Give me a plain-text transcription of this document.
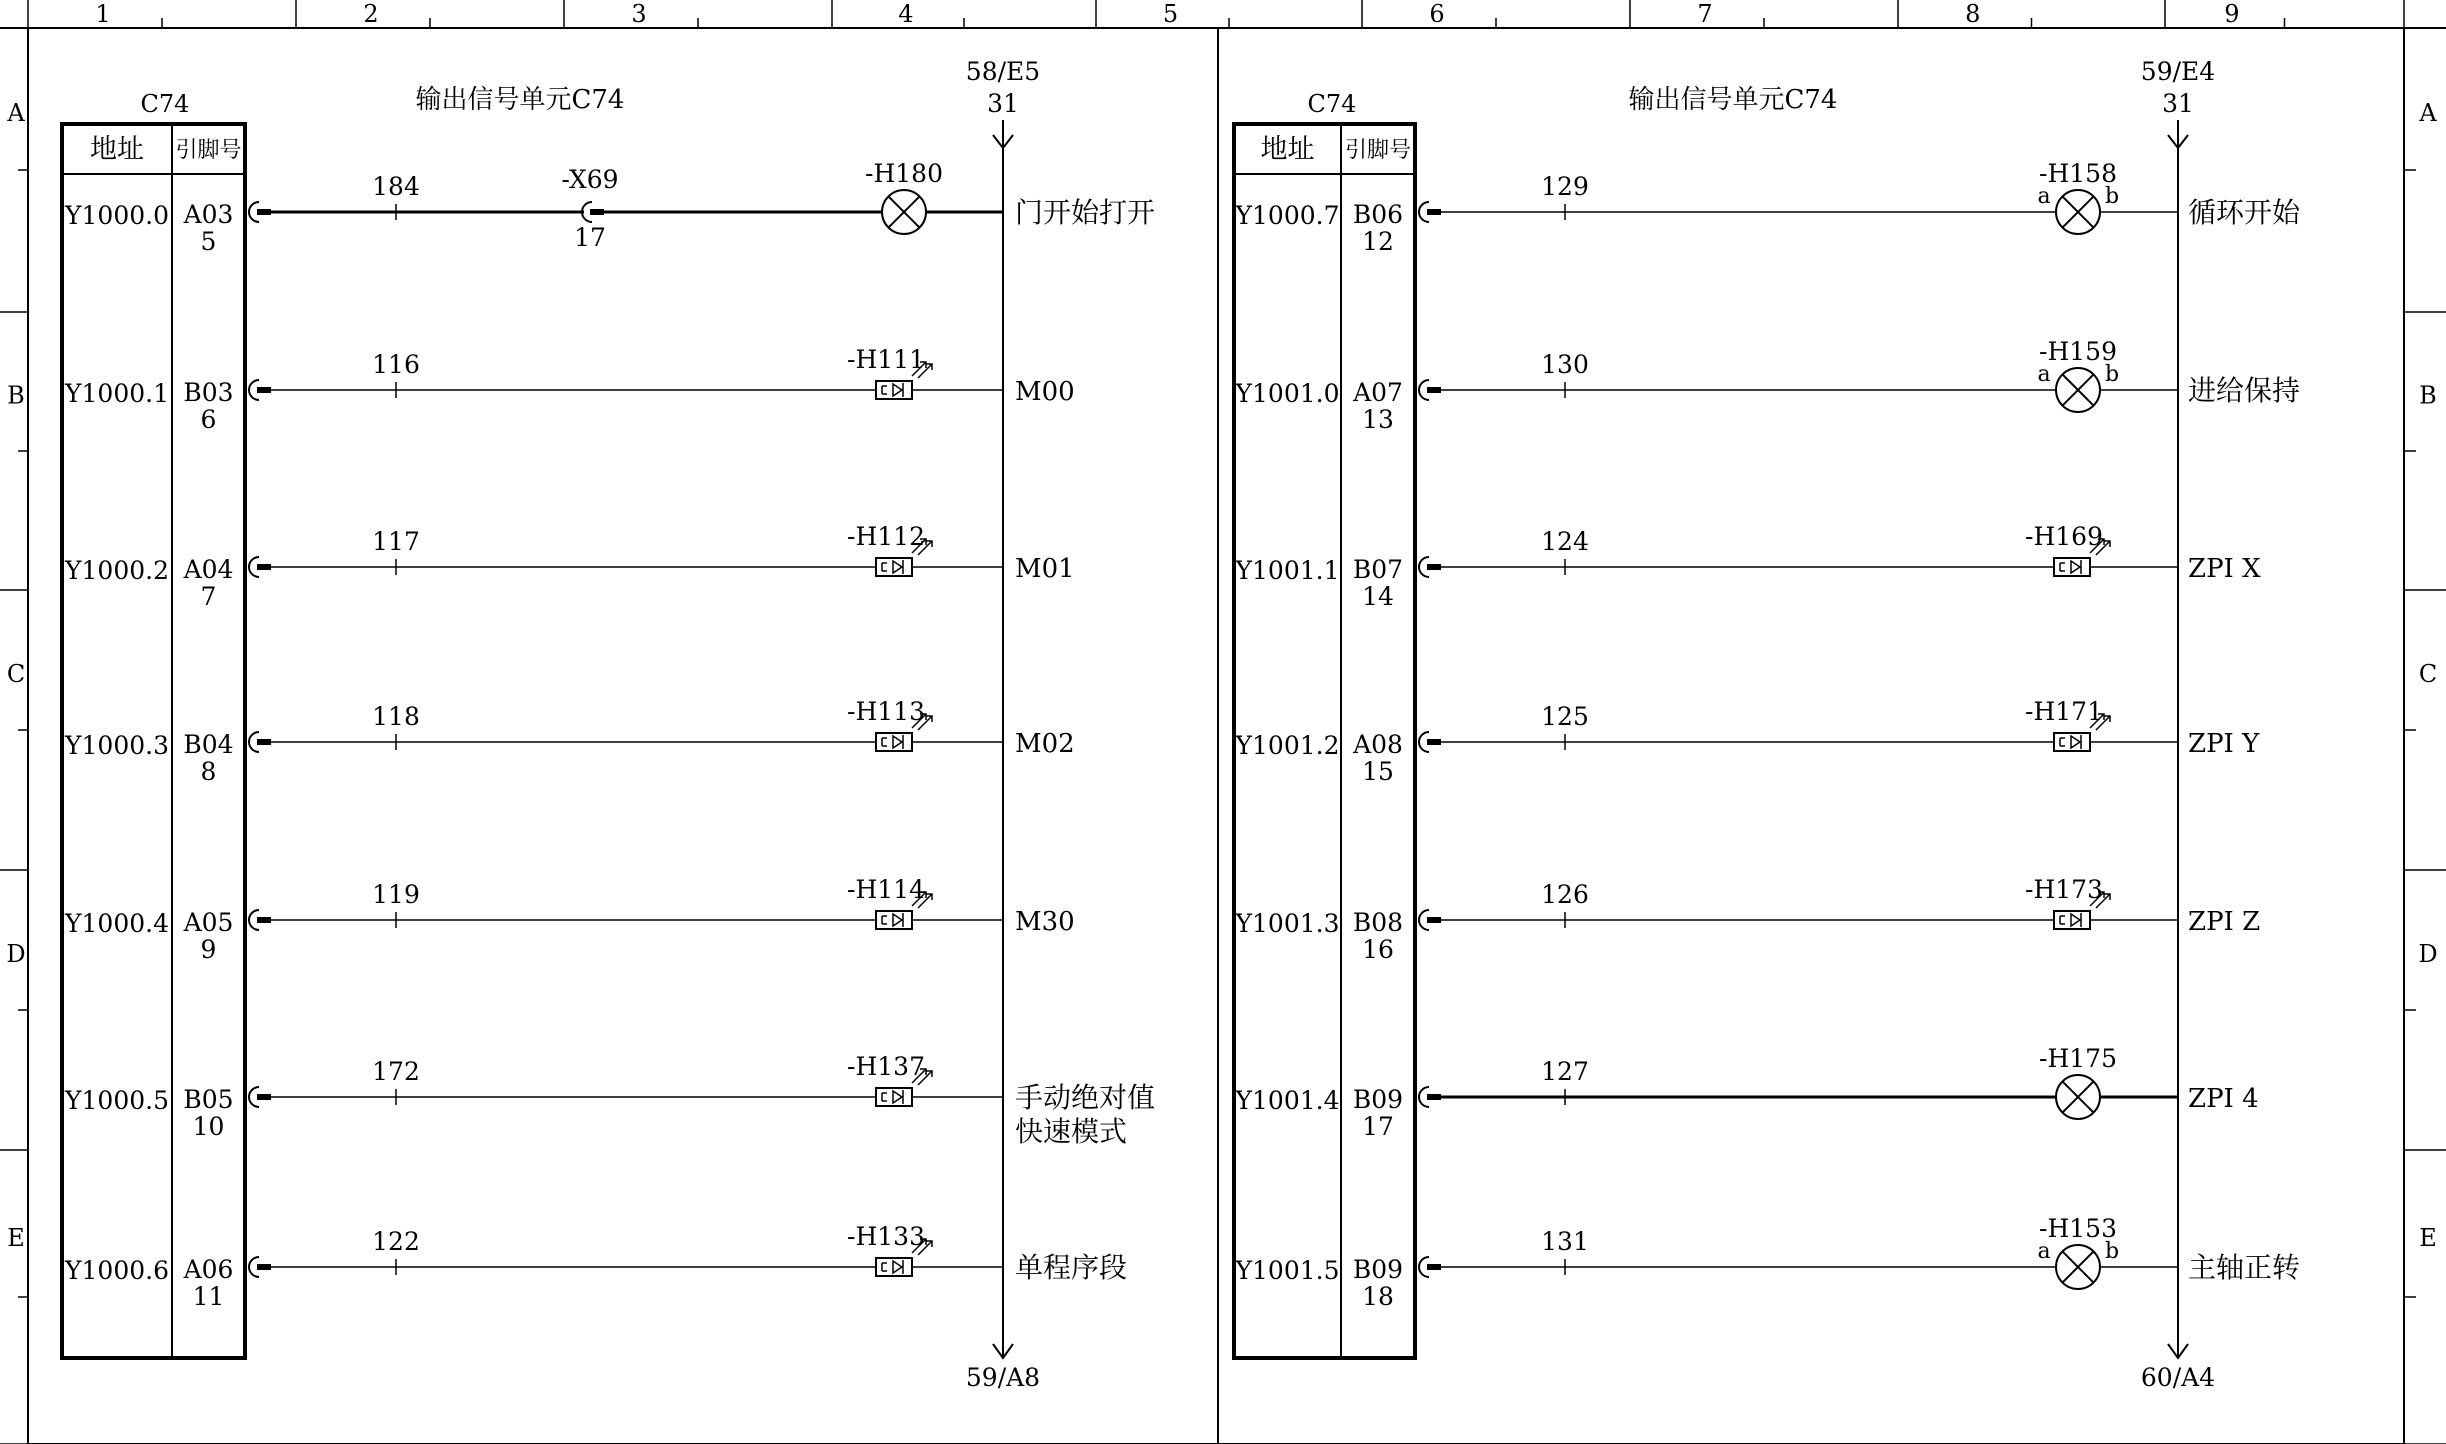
1	2	3	4	5	6	7	8	9
A	A
B	B
C	C
D	D
E	E
C74	输出信号单元C74
地址 引脚号
58/E5
31
59/A8
Y1000.0 A03
5
-X69
17
184	-H180
门开始打开
Y1000.1 B03
6
116	-H111
M00
Y1000.2 A04
7
117	-H112
M01
Y1000.3 B04
8
118	-H113
M02
Y1000.4 A05
9
119	-H114
M30
Y1000.5 B05
10
172	-H137
手动绝对值
快速模式
Y1000.6 A06
11
122	-H133
单程序段
C74	输出信号单元C74
地址 引脚号
59/E4
31
60/A4
Y1000.7 B06
12
129	-H158
a b 循环开始
Y1001.0 A07
13
130	-H159
a b 进给保持
Y1001.1 B07
14
124	-H169
ZPI X
Y1001.2 A08
15
125	-H171
ZPI Y
Y1001.3 B08
16
126	-H173
ZPI Z
Y1001.4 B09
17
127	-H175
ZPI 4
Y1001.5 B09
18
131	-H153
a b 主轴正转
